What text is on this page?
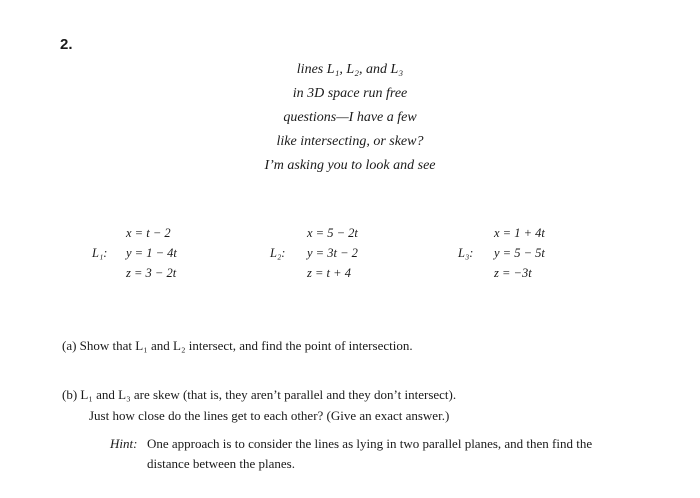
2.
lines L₁, L₂, and L₃
in 3D space run free
questions—I have a few
like intersecting, or skew?
I’m asking you to look and see
L₁:
x = t − 2
y = 1 − 4t
z = 3 − 2t
L₂:
x = 5 − 2t
y = 3t − 2
z = t + 4
L₃:
x = 1 + 4t
y = 5 − 5t
z = −3t
(a) Show that L₁ and L₂ intersect, and find the point of intersection.
(b) L₁ and L₃ are skew (that is, they aren’t parallel and they don’t intersect).
Just how close do the lines get to each other? (Give an exact answer.)
Hint: One approach is to consider the lines as lying in two parallel planes, and then find the
distance between the planes.
